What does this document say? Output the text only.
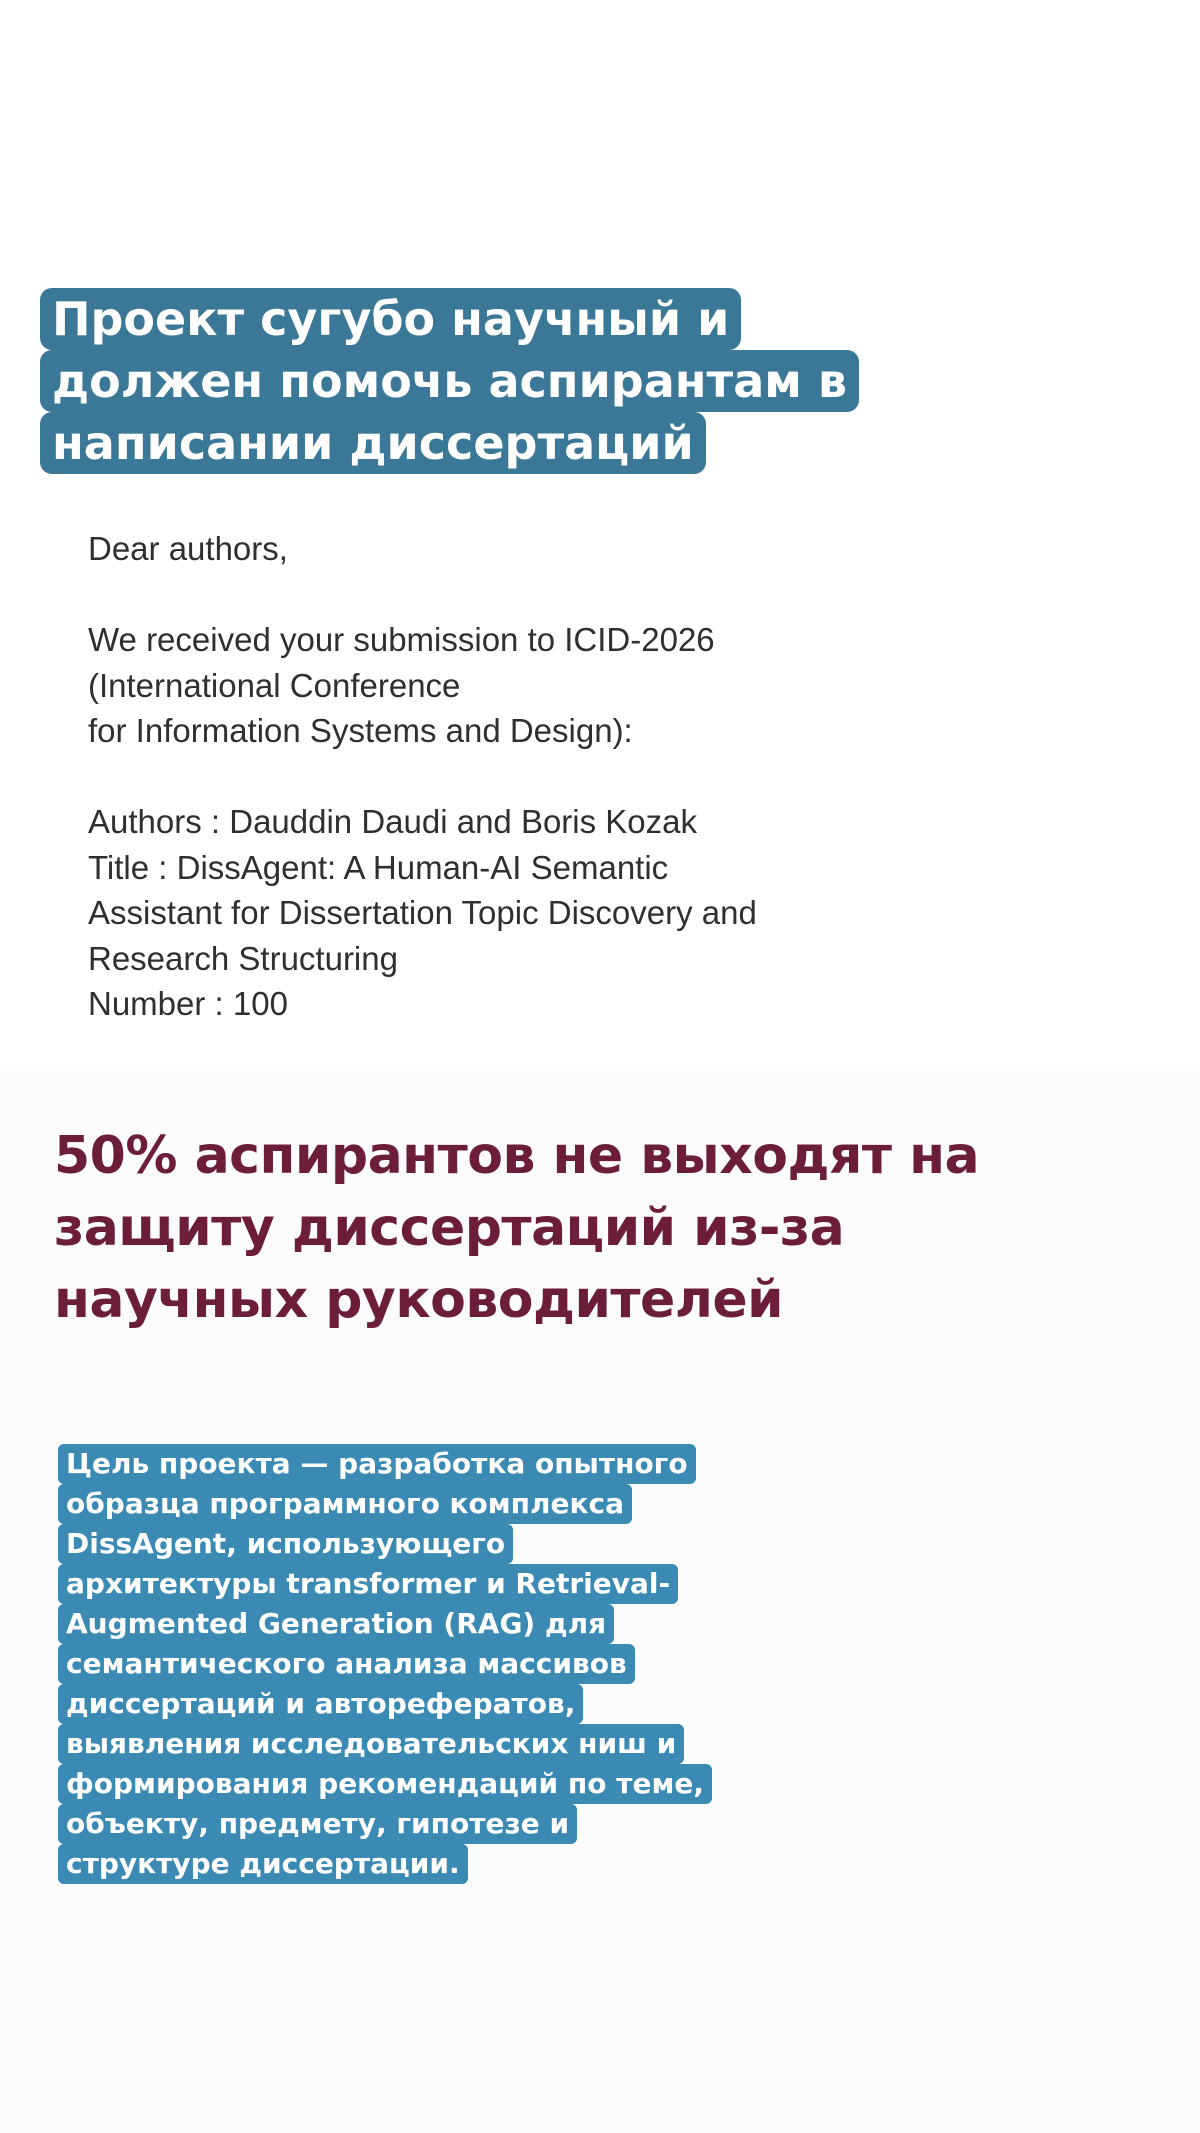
Проект сугубо научный и
должен помочь аспирантам в
написании диссертаций
Dear authors,
We received your submission to ICID-2026
(International Conference
for Information Systems and Design):
Authors : Dauddin Daudi and Boris Kozak
Title : DissAgent: A Human-AI Semantic
Assistant for Dissertation Topic Discovery and
Research Structuring
Number : 100
50% аспирантов не выходят на
защиту диссертаций из-за
научных руководителей
Цель проекта — разработка опытного
образца программного комплекса
DissAgent, использующего
архитектуры transformer и Retrieval-
Augmented Generation (RAG) для
семантического анализа массивов
диссертаций и авторефератов,
выявления исследовательских ниш и
формирования рекомендаций по теме,
объекту, предмету, гипотезе и
структуре диссертации.
